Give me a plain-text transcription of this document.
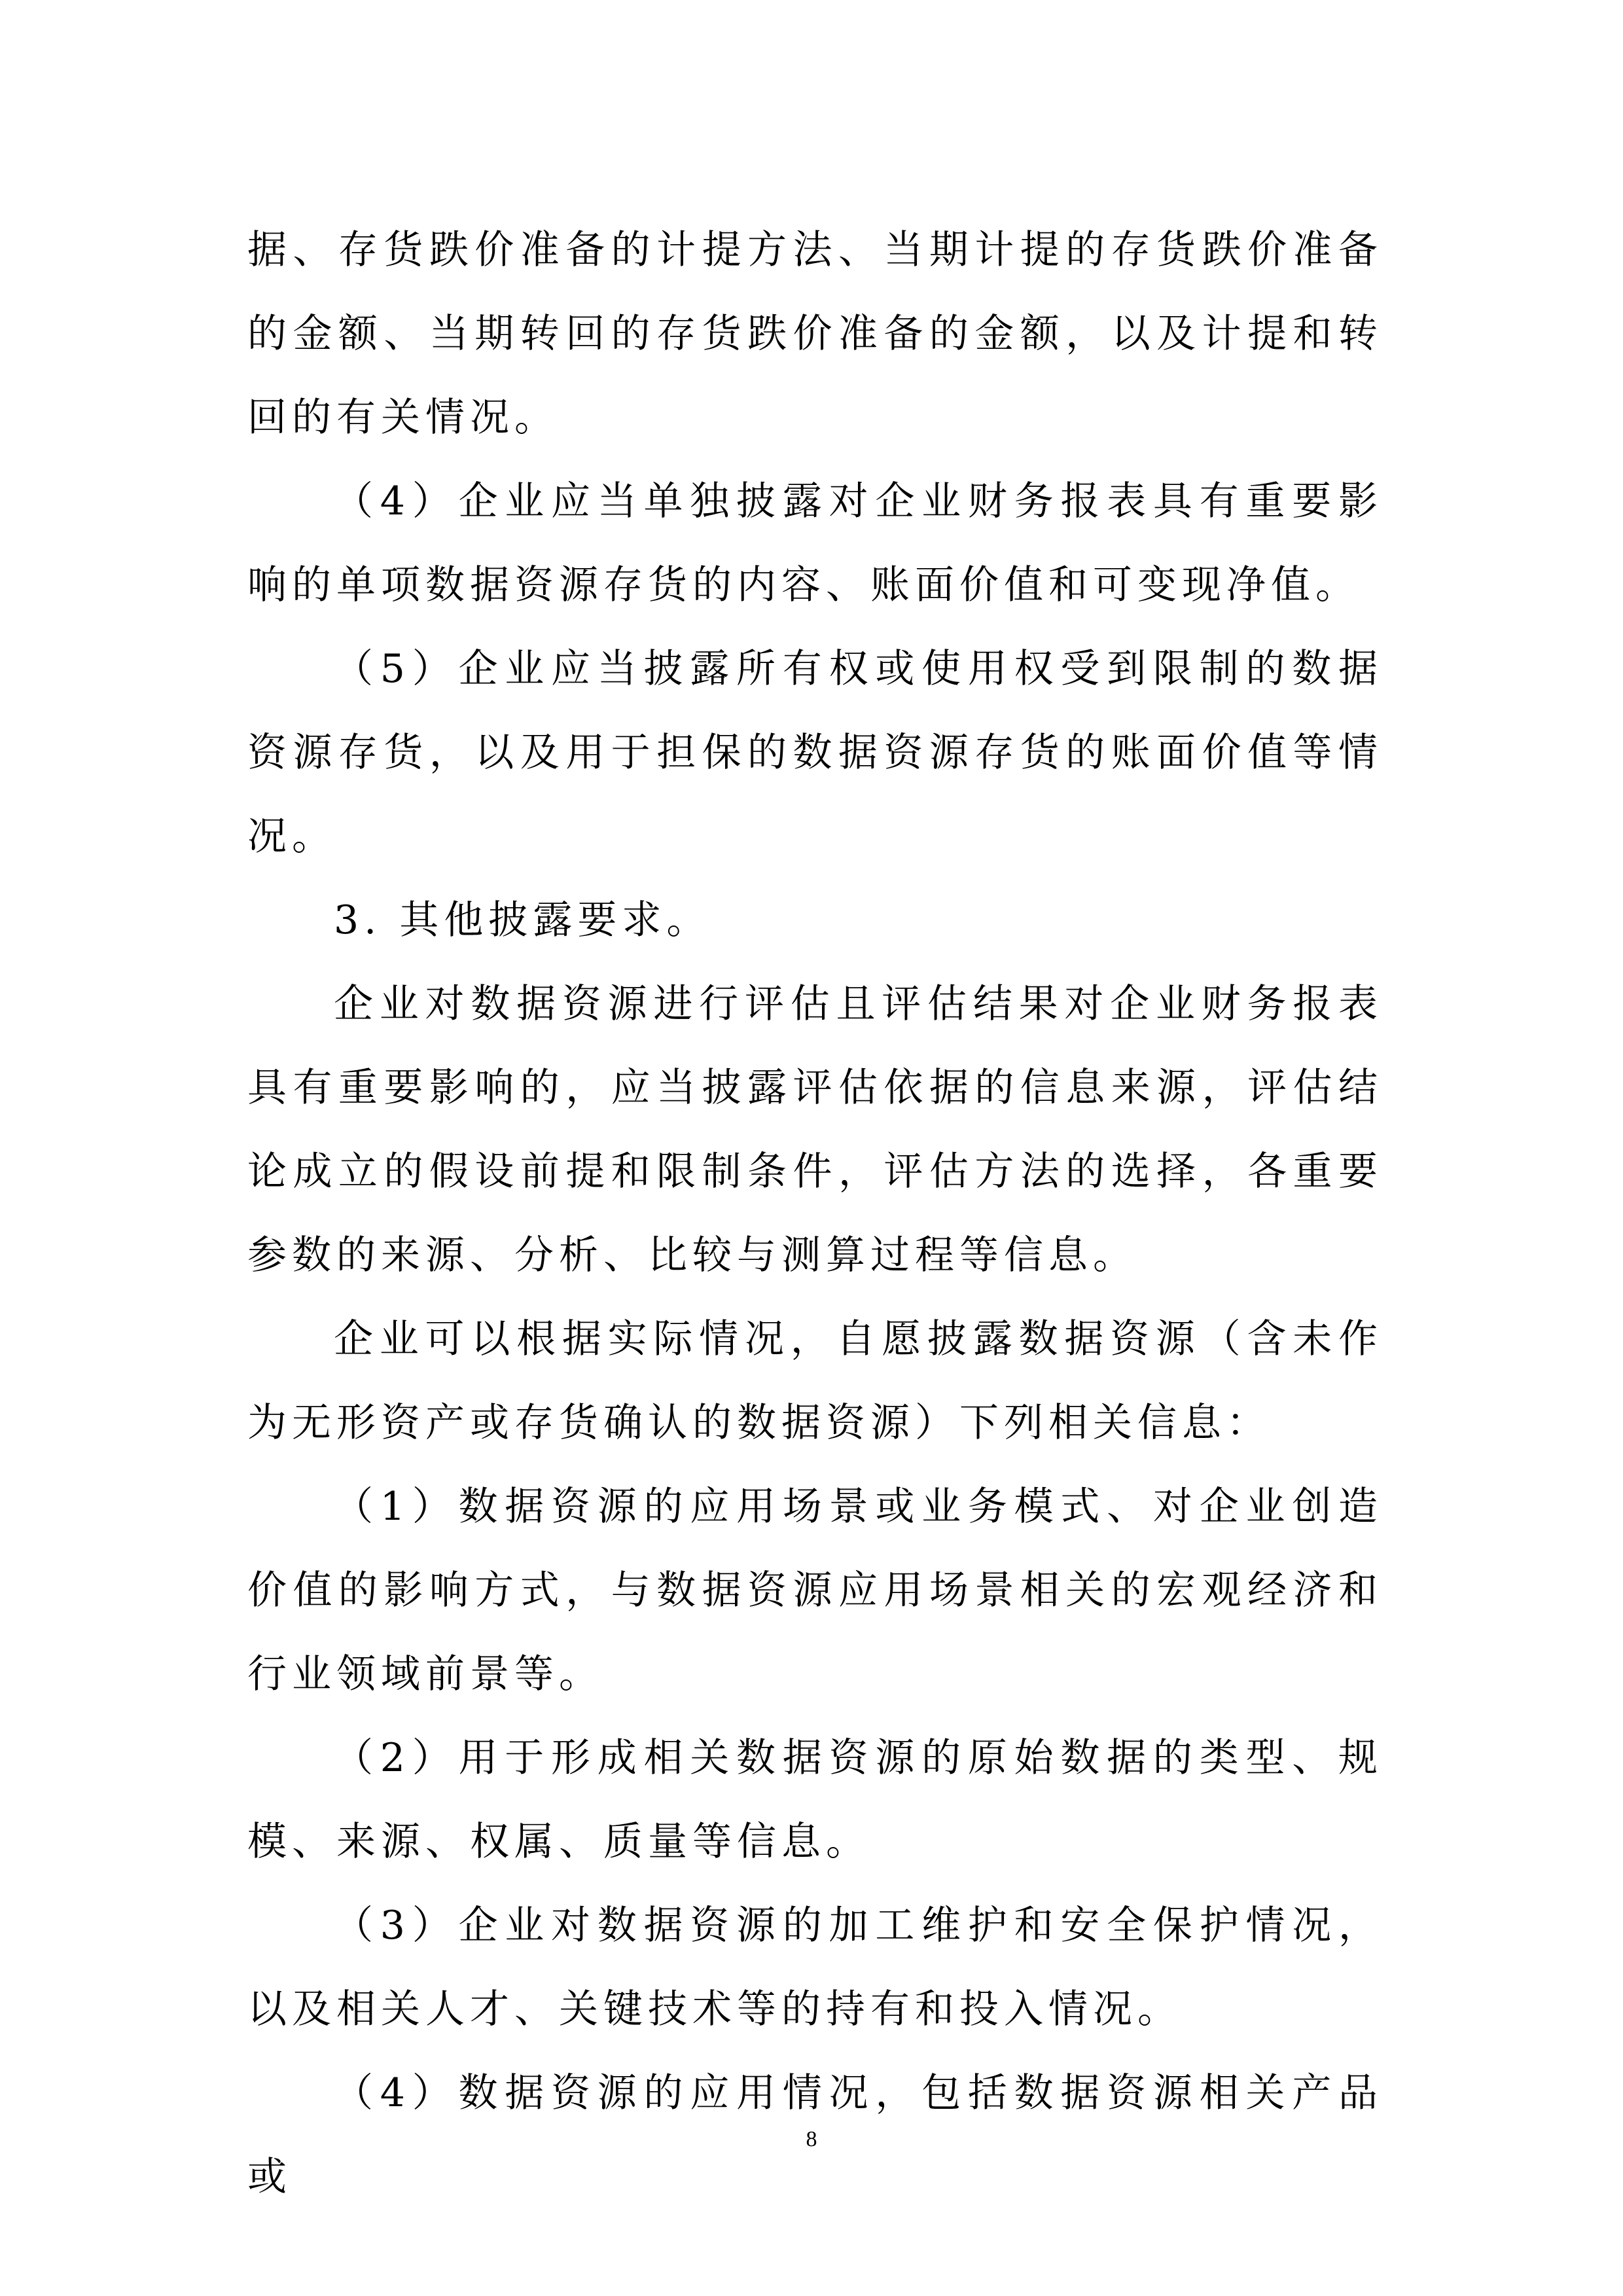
据、存货跌价准备的计提方法、当期计提的存货跌价准备的金额、当期转回的存货跌价准备的金额，以及计提和转回的有关情况。

（4）企业应当单独披露对企业财务报表具有重要影响的单项数据资源存货的内容、账面价值和可变现净值。

（5）企业应当披露所有权或使用权受到限制的数据资源存货，以及用于担保的数据资源存货的账面价值等情况。

3. 其他披露要求。

企业对数据资源进行评估且评估结果对企业财务报表具有重要影响的，应当披露评估依据的信息来源，评估结论成立的假设前提和限制条件，评估方法的选择，各重要参数的来源、分析、比较与测算过程等信息。

企业可以根据实际情况，自愿披露数据资源（含未作为无形资产或存货确认的数据资源）下列相关信息：

（1）数据资源的应用场景或业务模式、对企业创造价值的影响方式，与数据资源应用场景相关的宏观经济和行业领域前景等。

（2）用于形成相关数据资源的原始数据的类型、规模、来源、权属、质量等信息。

（3）企业对数据资源的加工维护和安全保护情况，以及相关人才、关键技术等的持有和投入情况。

（4）数据资源的应用情况，包括数据资源相关产品或

8
